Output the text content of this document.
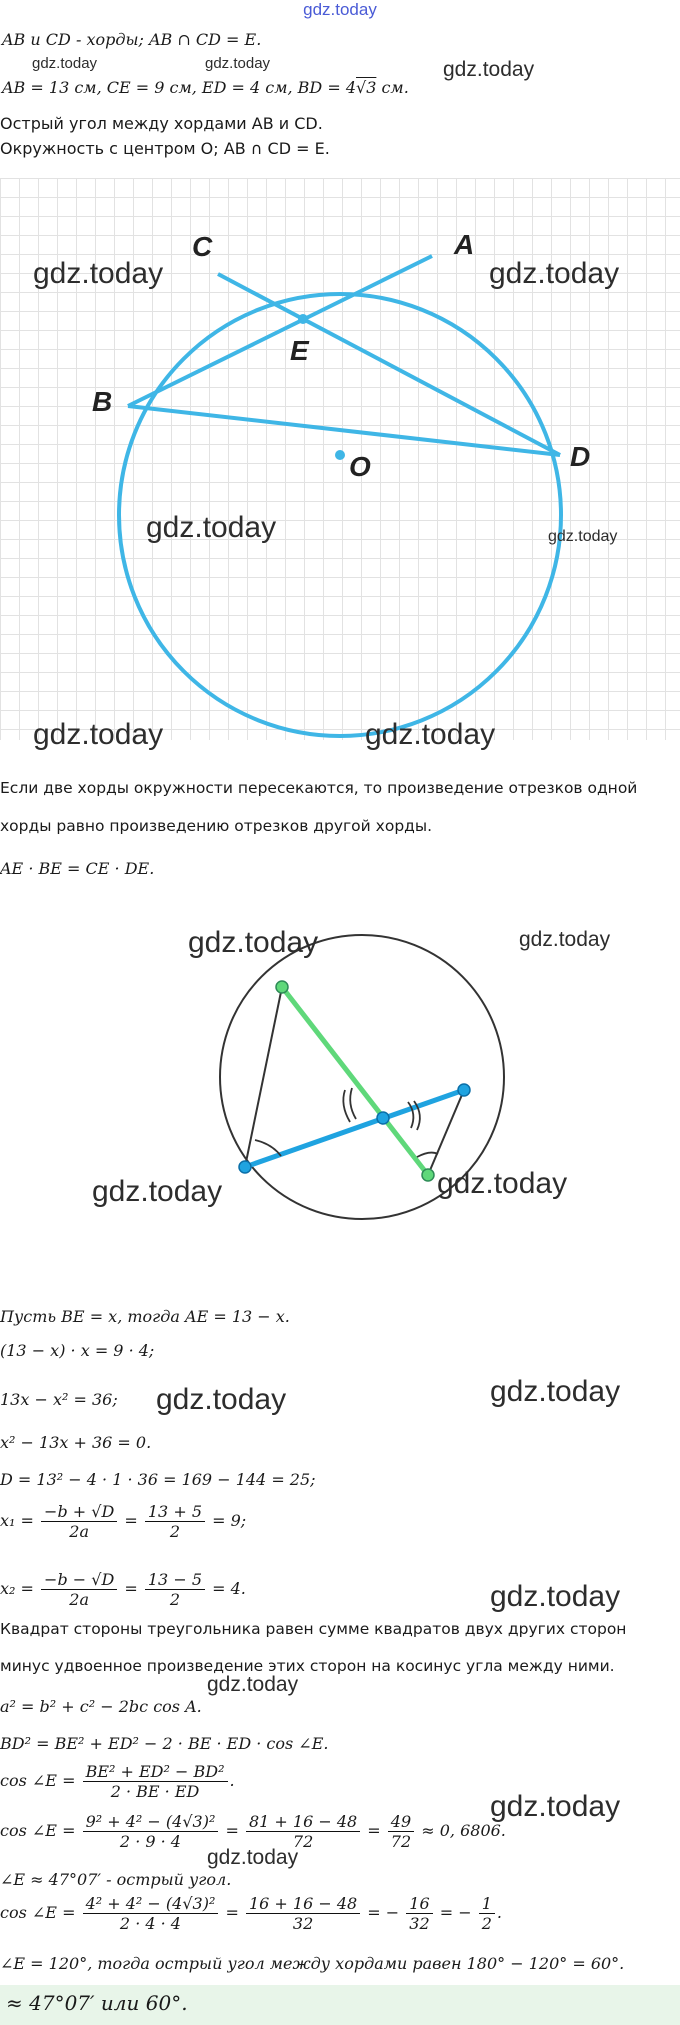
gdz.today
AB и CD - хорды; AB ∩ CD = E.
gdz.today	gdz.today	gdz.today
AB = 13 см, CE = 9 см, ED = 4 см, BD = 4√3 см.
Острый угол между хордами AB и CD.
Окружность с центром O; AB ∩ CD = E.
A
B
C
D
E
O
gdz.today	gdz.today
gdz.today	gdz.today
gdz.today	gdz.today
Если две хорды окружности пересекаются, то произведение отрезков одной
хорды равно произведению отрезков другой хорды.
AE · BE = CE · DE.
gdz.today	gdz.today
gdz.today	gdz.today
Пусть BE = x, тогда AE = 13 − x.
(13 − x) · x = 9 · 4;
13x − x² = 36; gdz.today	gdz.today
x² − 13x + 36 = 0.
D = 13² − 4 · 1 · 36 = 169 − 144 = 25;
$x_1 = \frac{-b + √D}{2a} = \frac{13 + 5}{2} = 9$;
$x_2 = \frac{-b - √D}{2a} = \frac{13 - 5}{2} = 4$.
Квадрат стороны треугольника равен сумме квадратов двух других сторон
gdz.today
минус удвоенное произведение этих сторон на косинус угла между ними.
gdz.today
a² = b² + c² − 2bc cos A.
BD² = BE² + ED² − 2 · BE · ED · cos ∠E.
cos ∠E = $\frac{\text{BE² + ED² − BD²}}{2 \cdot BE \cdot ED}$ .
cos ∠E = $\frac{\text{9² + 4² − (4√3)²}}{2 \cdot 9 \cdot 4} = \frac{81 + 16 - 48}{72} = \frac{49}{72} \approx 0$, 6806.
gdz.today
gdz.today
∠E ≈ 47°07′ - острый угол.
cos ∠E = $\frac{\text{4² + 4² − (4√3)²}}{2 \cdot 4 \cdot 4} = \frac{16 + 16 - 48}{32}$ = − $\frac{16}{32}$ = − $\frac{1}{2}$ .
∠E = 120°, тогда острый угол между хордами равен 180° − 120° = 60°.
≈ 47°07′ или 60°.
